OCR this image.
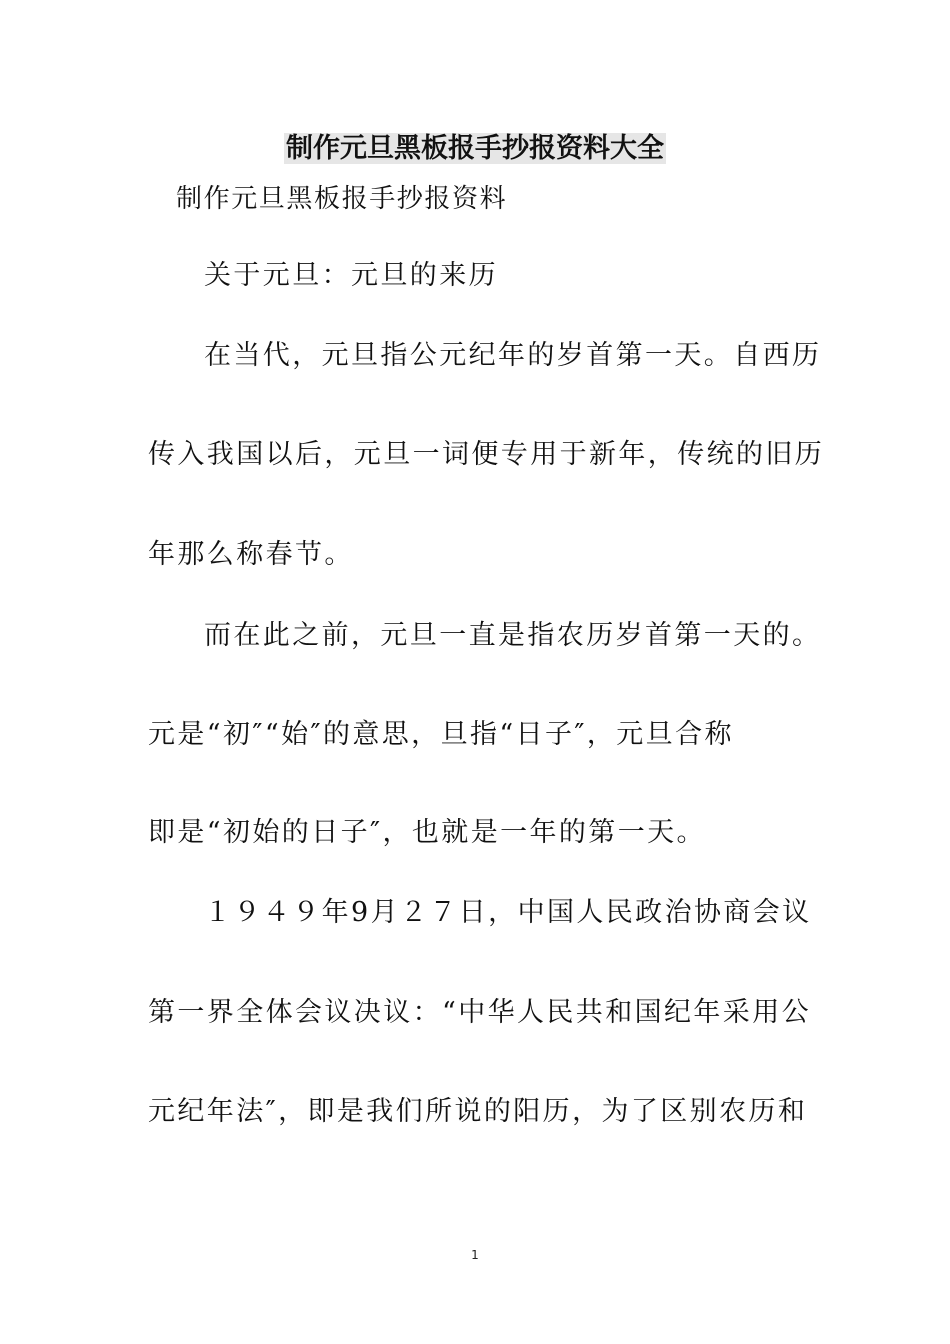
制作元旦黑板报手抄报资料大全
制作元旦黑板报手抄报资料
关于元旦：元旦的来历
在当代，元旦指公元纪年的岁首第一天。自西历
传入我国以后，元旦一词便专用于新年，传统的旧历
年那么称春节。
而在此之前，元旦一直是指农历岁首第一天的。
元是“初″“始″的意思，旦指“日子″，元旦合称
即是“初始的日子″，也就是一年的第一天。
１９４９年9月２７日，中国人民政治协商会议
第一界全体会议决议：“中华人民共和国纪年采用公
元纪年法″，即是我们所说的阳历，为了区别农历和
1
